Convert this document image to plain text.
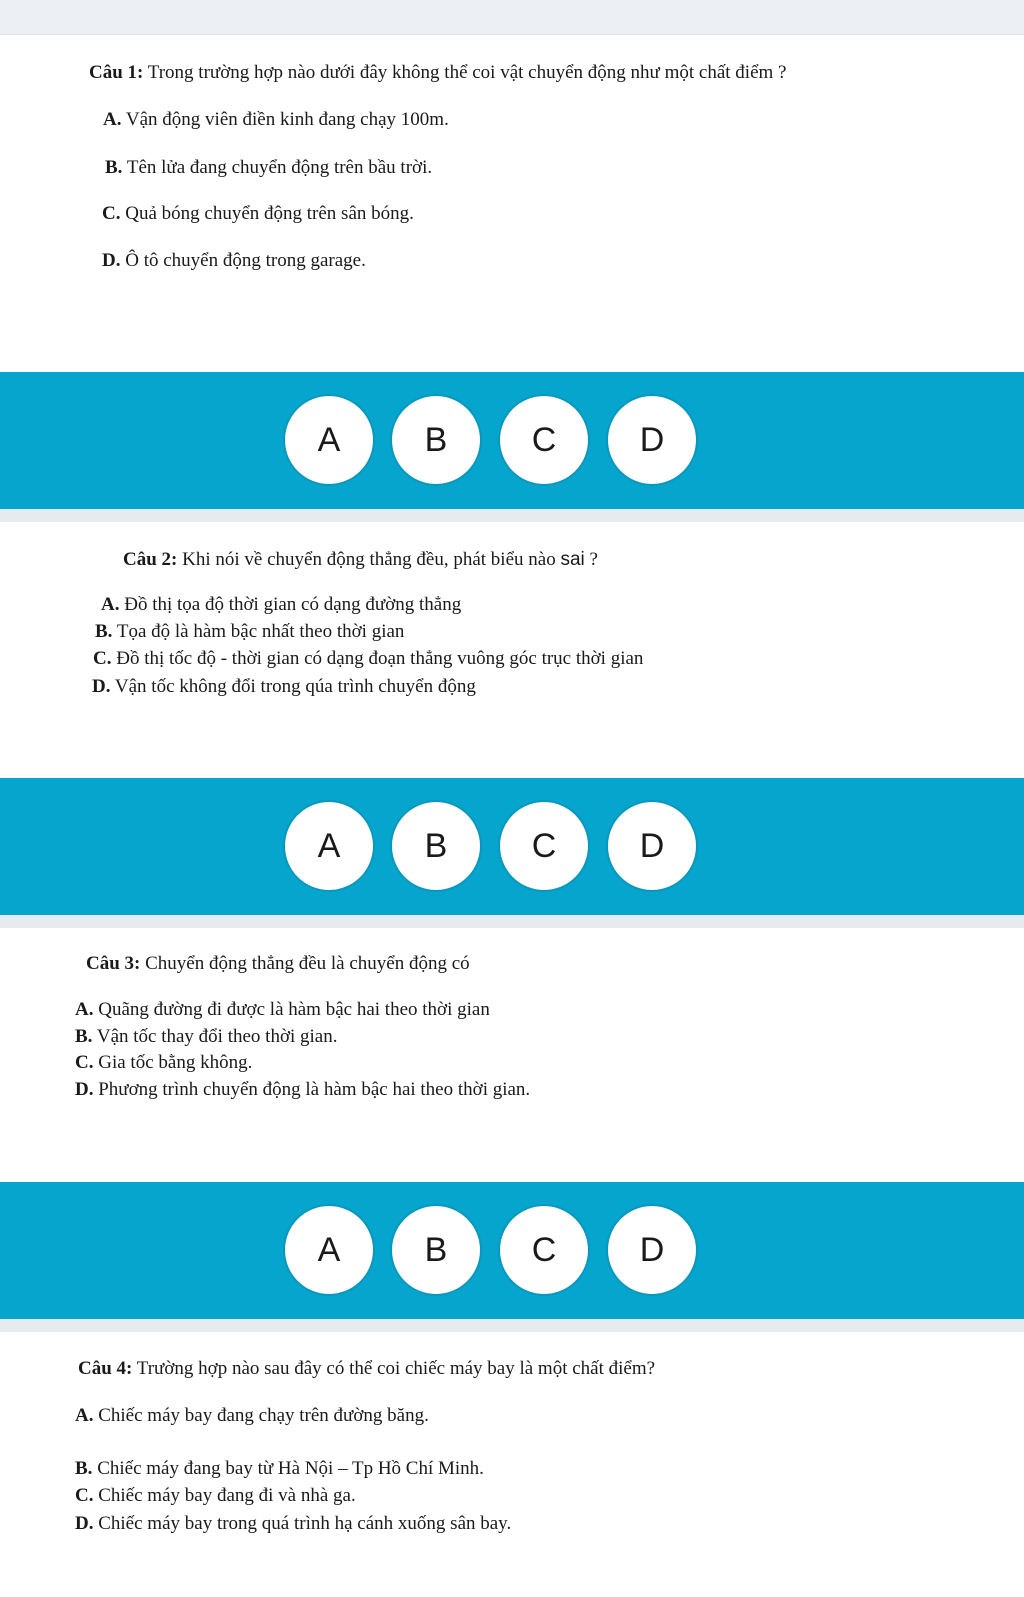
Câu 1: Trong trường hợp nào dưới đây không thể coi vật chuyển động như một chất điểm ?
A. Vận động viên điền kinh đang chạy 100m.
B. Tên lửa đang chuyển động trên bầu trời.
C. Quả bóng chuyển động trên sân bóng.
D. Ô tô chuyển động trong garage.
A	B	C	D
Câu 2: Khi nói về chuyển động thẳng đều, phát biểu nào sai ?
A. Đồ thị tọa độ thời gian có dạng đường thẳng
B. Tọa độ là hàm bậc nhất theo thời gian
C. Đồ thị tốc độ - thời gian có dạng đoạn thẳng vuông góc trục thời gian
D. Vận tốc không đổi trong qúa trình chuyển động
A	B	C	D
Câu 3: Chuyển động thẳng đều là chuyển động có
A. Quãng đường đi được là hàm bậc hai theo thời gian
B. Vận tốc thay đổi theo thời gian.
C. Gia tốc bằng không.
D. Phương trình chuyển động là hàm bậc hai theo thời gian.
A	B	C	D
Câu 4: Trường hợp nào sau đây có thể coi chiếc máy bay là một chất điểm?
A. Chiếc máy bay đang chạy trên đường băng.
B. Chiếc máy đang bay từ Hà Nội – Tp Hồ Chí Minh.
C. Chiếc máy bay đang đi và nhà ga.
D. Chiếc máy bay trong quá trình hạ cánh xuống sân bay.
